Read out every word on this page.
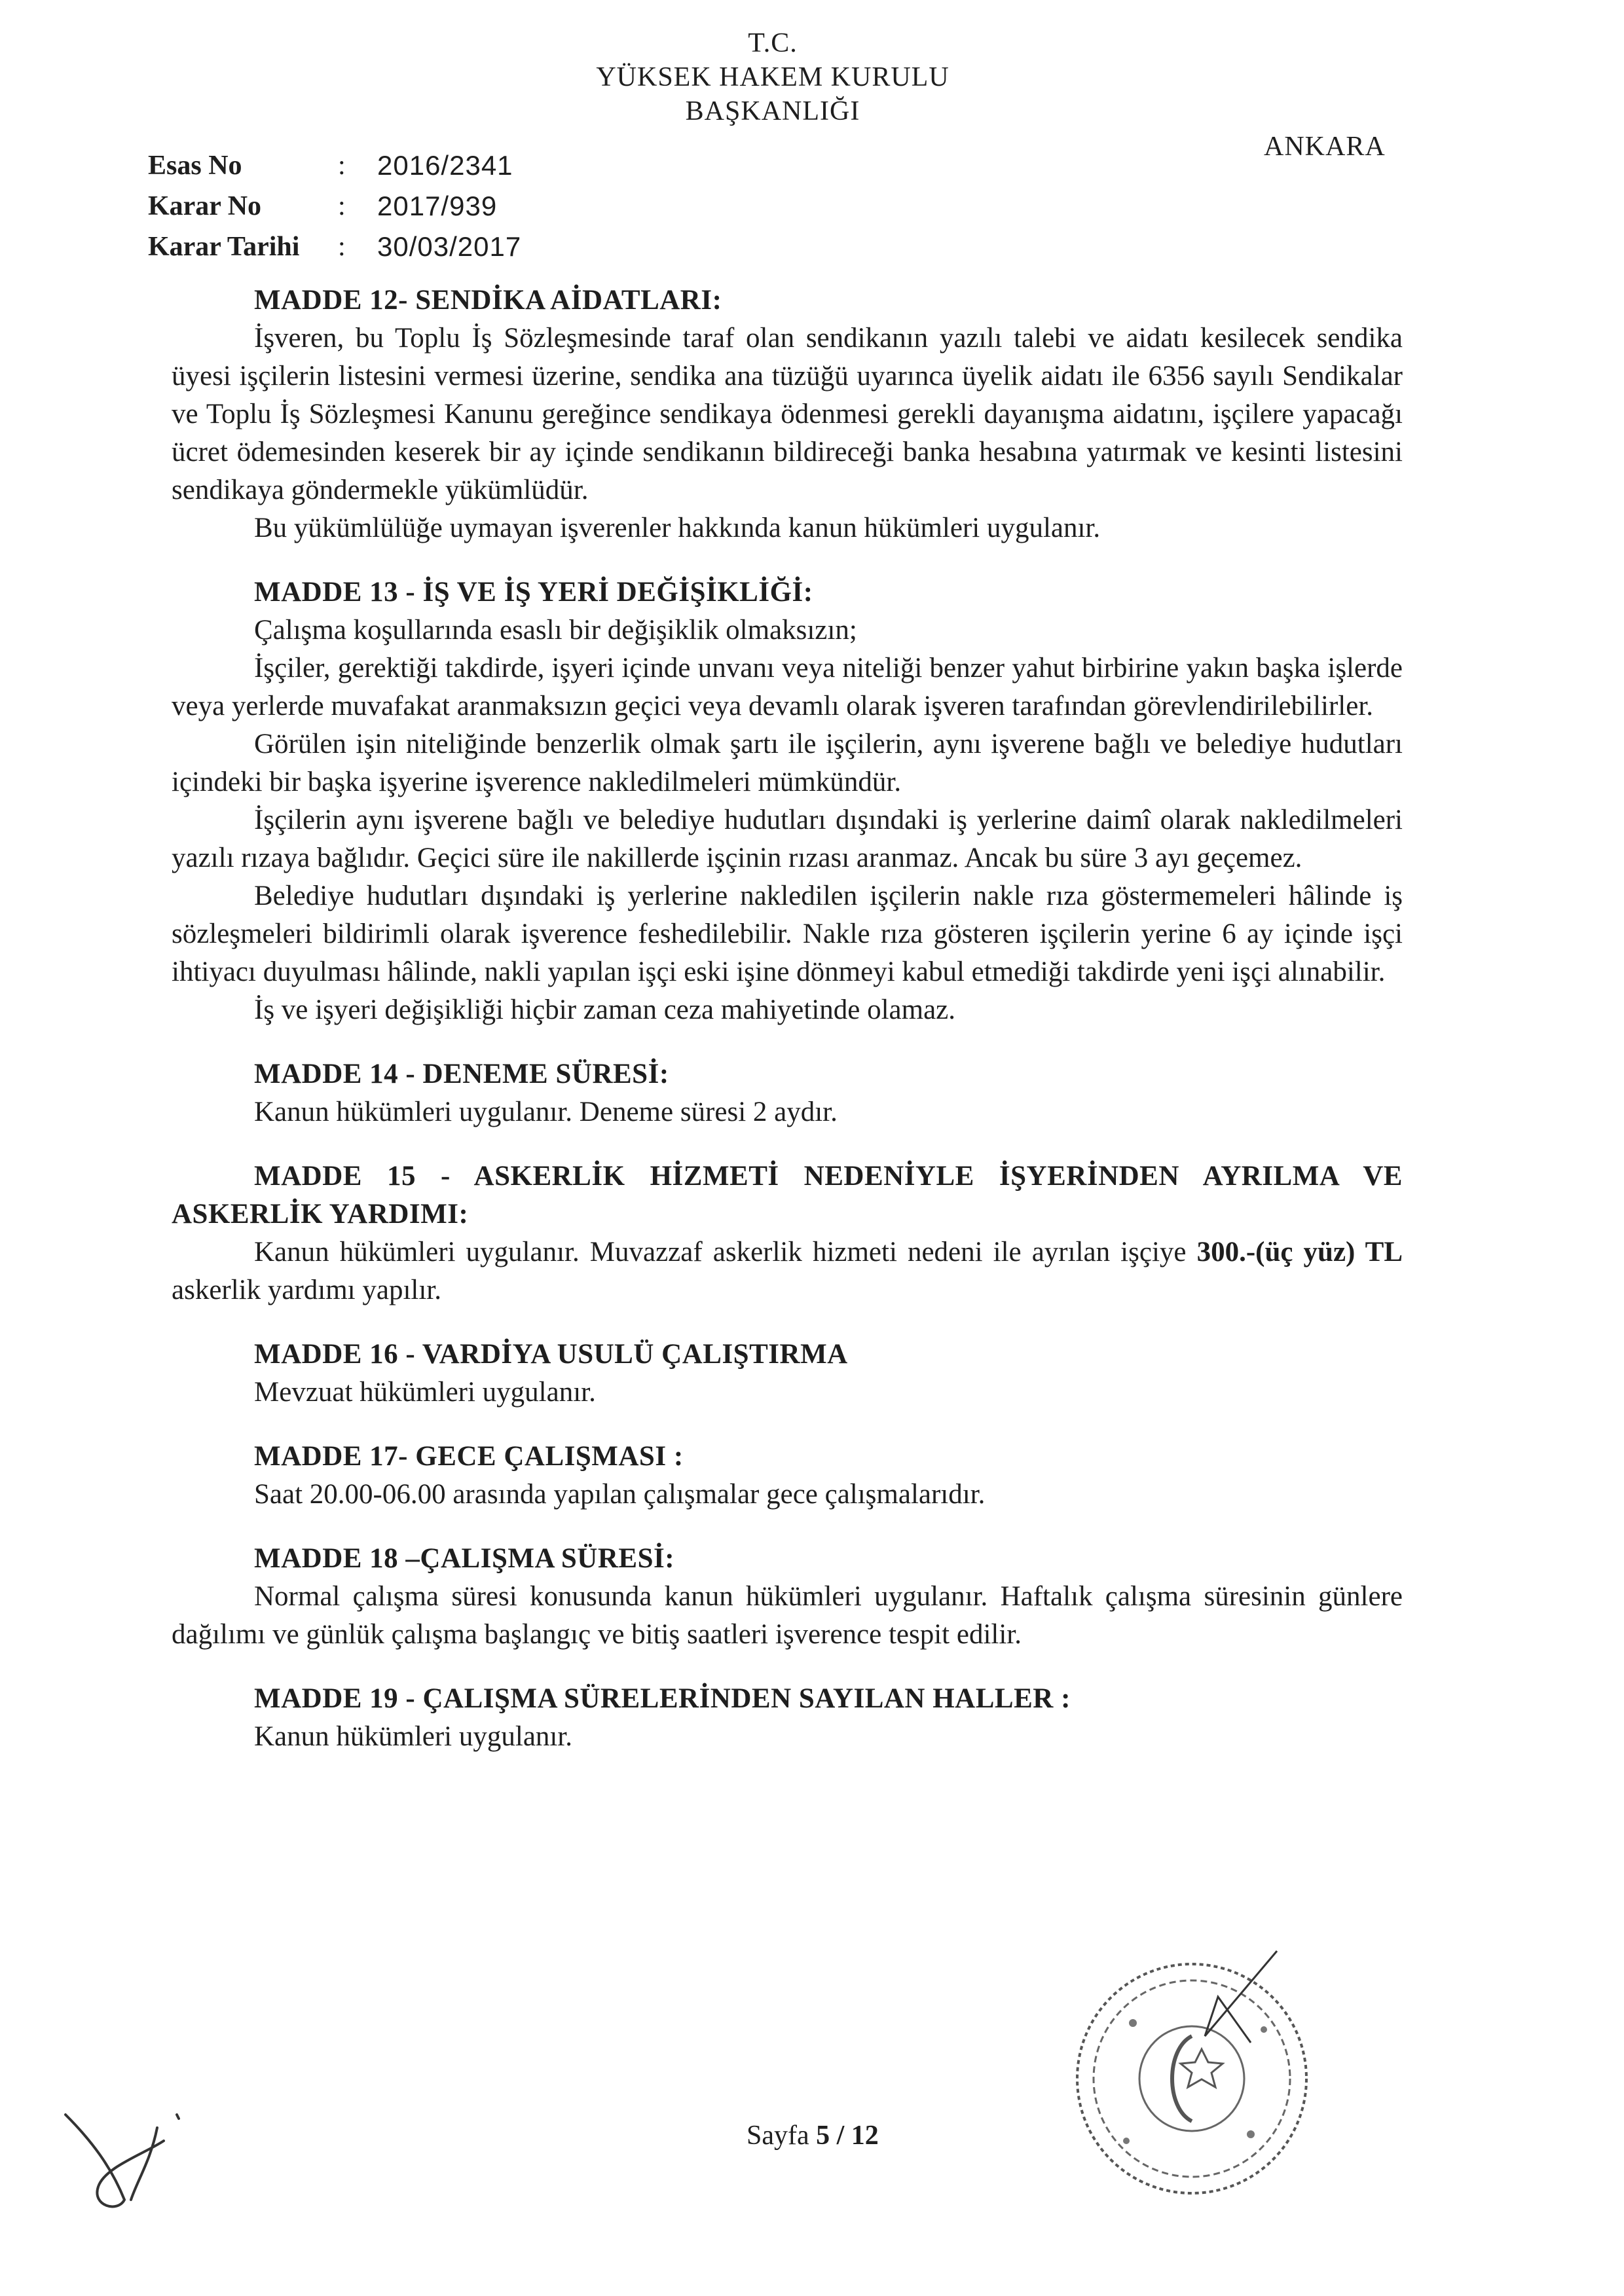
T.C.
YÜKSEK HAKEM KURULU
BAŞKANLIĞI
ANKARA
Esas No	:	2016/2341
Karar No	:	2017/939
Karar Tarihi	:	30/03/2017
MADDE 12- SENDİKA AİDATLARI:

İşveren, bu Toplu İş Sözleşmesinde taraf olan sendikanın yazılı talebi ve aidatı kesilecek sendika üyesi işçilerin listesini vermesi üzerine, sendika ana tüzüğü uyarınca üyelik aidatı ile 6356 sayılı Sendikalar ve Toplu İş Sözleşmesi Kanunu gereğince sendikaya ödenmesi gerekli dayanışma aidatını, işçilere yapacağı ücret ödemesinden keserek bir ay içinde sendikanın bildireceği banka hesabına yatırmak ve kesinti listesini sendikaya göndermekle yükümlüdür.

Bu yükümlülüğe uymayan işverenler hakkında kanun hükümleri uygulanır.

MADDE 13 - İŞ VE İŞ YERİ DEĞİŞİKLİĞİ:

Çalışma koşullarında esaslı bir değişiklik olmaksızın;

İşçiler, gerektiği takdirde, işyeri içinde unvanı veya niteliği benzer yahut birbirine yakın başka işlerde veya yerlerde muvafakat aranmaksızın geçici veya devamlı olarak işveren tarafından görevlendirilebilirler.

Görülen işin niteliğinde benzerlik olmak şartı ile işçilerin, aynı işverene bağlı ve belediye hudutları içindeki bir başka işyerine işverence nakledilmeleri mümkündür.

İşçilerin aynı işverene bağlı ve belediye hudutları dışındaki iş yerlerine daimî olarak nakledilmeleri yazılı rızaya bağlıdır. Geçici süre ile nakillerde işçinin rızası aranmaz. Ancak bu süre 3 ayı geçemez.

Belediye hudutları dışındaki iş yerlerine nakledilen işçilerin nakle rıza göstermemeleri hâlinde iş sözleşmeleri bildirimli olarak işverence feshedilebilir. Nakle rıza gösteren işçilerin yerine 6 ay içinde işçi ihtiyacı duyulması hâlinde, nakli yapılan işçi eski işine dönmeyi kabul etmediği takdirde yeni işçi alınabilir.

İş ve işyeri değişikliği hiçbir zaman ceza mahiyetinde olamaz.

MADDE 14 - DENEME SÜRESİ:

Kanun hükümleri uygulanır. Deneme süresi 2 aydır.

MADDE 15 - ASKERLİK HİZMETİ NEDENİYLE İŞYERİNDEN AYRILMA VE ASKERLİK YARDIMI:

Kanun hükümleri uygulanır. Muvazzaf askerlik hizmeti nedeni ile ayrılan işçiye 300.-(üç yüz) TL askerlik yardımı yapılır.

MADDE 16 - VARDİYA USULÜ ÇALIŞTIRMA

Mevzuat hükümleri uygulanır.

MADDE 17- GECE ÇALIŞMASI :

Saat 20.00-06.00 arasında yapılan çalışmalar gece çalışmalarıdır.

MADDE 18 –ÇALIŞMA SÜRESİ:

Normal çalışma süresi konusunda kanun hükümleri uygulanır. Haftalık çalışma süresinin günlere dağılımı ve günlük çalışma başlangıç ve bitiş saatleri işverence tespit edilir.

MADDE 19 - ÇALIŞMA SÜRELERİNDEN SAYILAN HALLER :

Kanun hükümleri uygulanır.

Sayfa 5 / 12
